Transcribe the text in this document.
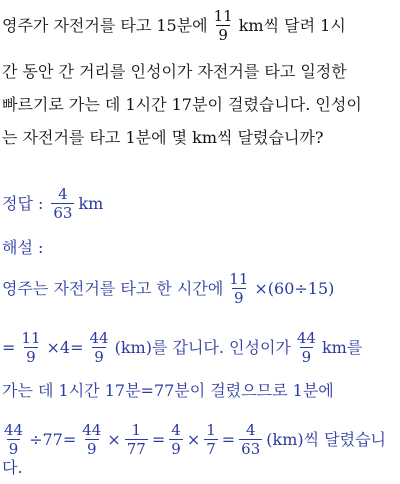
영주가 자전거를 타고 15분에 $\frac{11}{9}$ km씩 달려 1시
간 동안 간 거리를 인성이가 자전거를 타고 일정한
빠르기로 가는 데 1시간 17분이 걸렸습니다. 인성이
는 자전거를 타고 1분에 몇 km씩 달렸습니까?
정답 : $\frac{4}{63}$ km
해설 :
영주는 자전거를 타고 한 시간에 $\frac{11}{9} \times(60\div 15)$
= $\frac{11}{9} \times 4= \frac{44}{9} (km)$를 갑니다. 인성이가 $\frac{44}{9}$ km를
가는 데 1시간 17분=77분이 걸렸으므로 1분에
$\frac{44}{9} \div 77= \frac{44}{9} \times \frac{1}{77} = \frac{4}{9} \times \frac{1}{7} = \frac{4}{63} (km)$씩 달렸습니
다.
